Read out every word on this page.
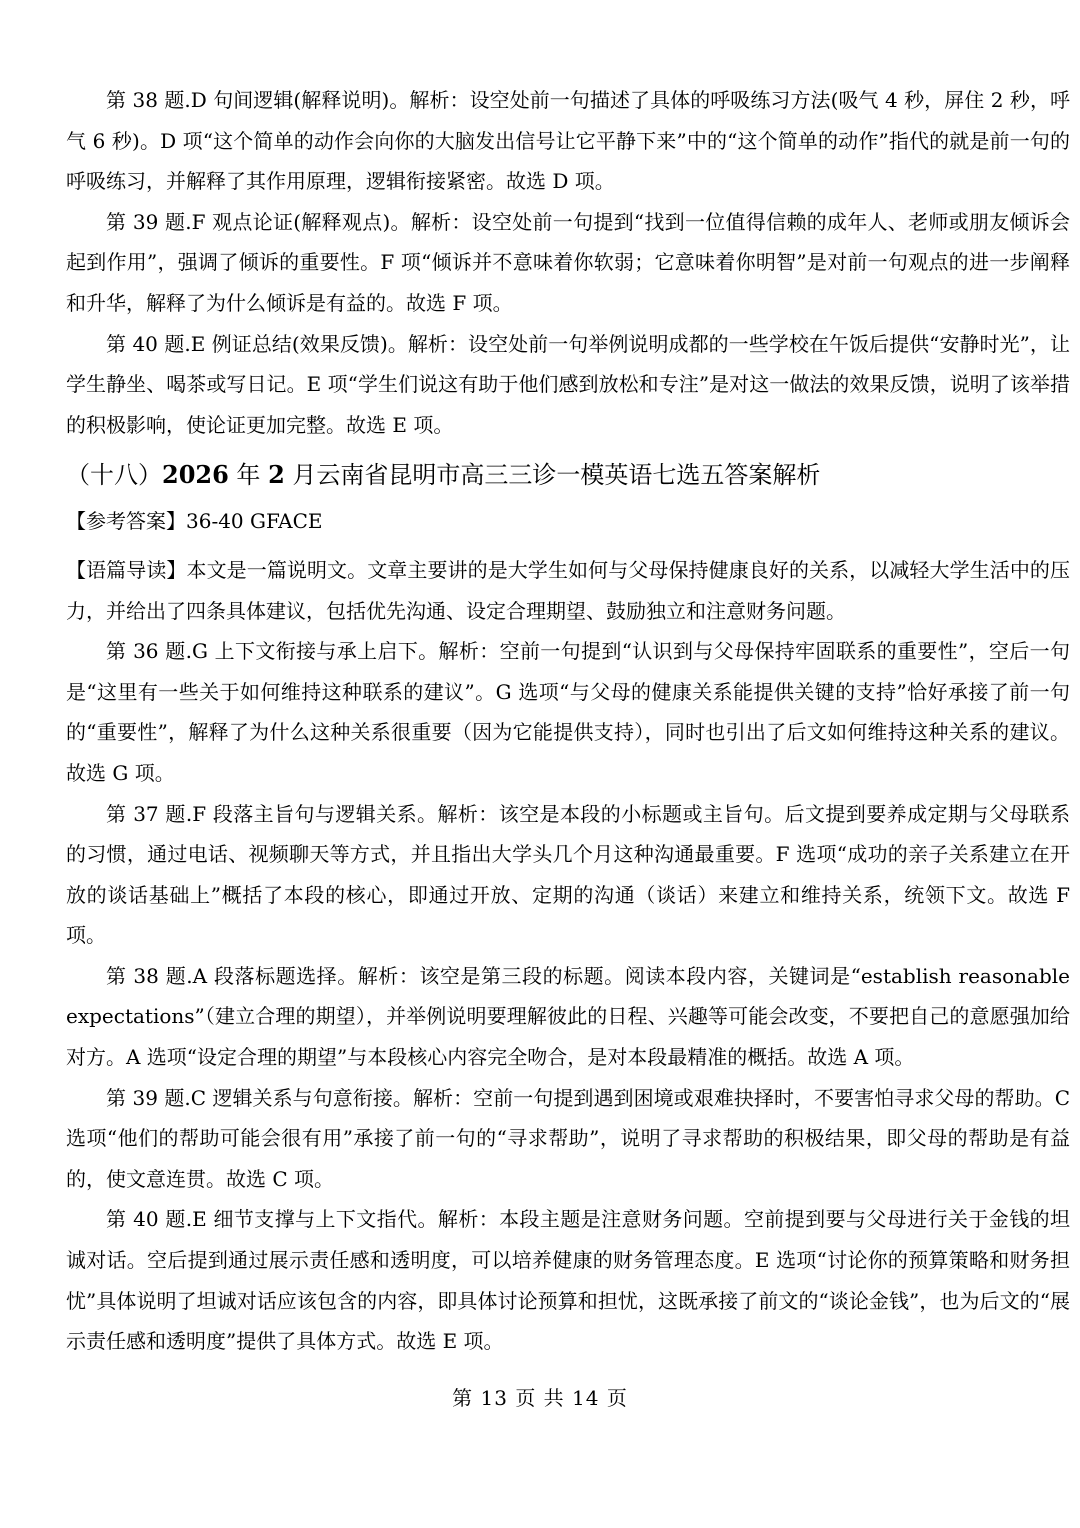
第 38 题.D 句间逻辑(解释说明)。解析：设空处前一句描述了具体的呼吸练习方法(吸气 4 秒，屏住 2 秒，呼气 6 秒)。D 项“这个简单的动作会向你的大脑发出信号让它平静下来”中的“这个简单的动作”指代的就是前一句的呼吸练习，并解释了其作用原理，逻辑衔接紧密。故选 D 项。

第 39 题.F 观点论证(解释观点)。解析：设空处前一句提到“找到一位值得信赖的成年人、老师或朋友倾诉会起到作用”，强调了倾诉的重要性。F 项“倾诉并不意味着你软弱；它意味着你明智”是对前一句观点的进一步阐释和升华，解释了为什么倾诉是有益的。故选 F 项。

第 40 题.E 例证总结(效果反馈)。解析：设空处前一句举例说明成都的一些学校在午饭后提供“安静时光”，让学生静坐、喝茶或写日记。E 项“学生们说这有助于他们感到放松和专注”是对这一做法的效果反馈，说明了该举措的积极影响，使论证更加完整。故选 E 项。

（十八）2026 年 2 月云南省昆明市高三三诊一模英语七选五答案解析

【参考答案】36-40 GFACE

【语篇导读】本文是一篇说明文。文章主要讲的是大学生如何与父母保持健康良好的关系，以减轻大学生活中的压力，并给出了四条具体建议，包括优先沟通、设定合理期望、鼓励独立和注意财务问题。

第 36 题.G 上下文衔接与承上启下。解析：空前一句提到“认识到与父母保持牢固联系的重要性”，空后一句是“这里有一些关于如何维持这种联系的建议”。G 选项“与父母的健康关系能提供关键的支持”恰好承接了前一句的“重要性”，解释了为什么这种关系很重要（因为它能提供支持），同时也引出了后文如何维持这种关系的建议。故选 G 项。

第 37 题.F 段落主旨句与逻辑关系。解析：该空是本段的小标题或主旨句。后文提到要养成定期与父母联系的习惯，通过电话、视频聊天等方式，并且指出大学头几个月这种沟通最重要。F 选项“成功的亲子关系建立在开放的谈话基础上”概括了本段的核心，即通过开放、定期的沟通（谈话）来建立和维持关系，统领下文。故选 F 项。

第 38 题.A 段落标题选择。解析：该空是第三段的标题。阅读本段内容，关键词是“establish reasonable expectations”（建立合理的期望），并举例说明要理解彼此的日程、兴趣等可能会改变，不要把自己的意愿强加给对方。A 选项“设定合理的期望”与本段核心内容完全吻合，是对本段最精准的概括。故选 A 项。

第 39 题.C 逻辑关系与句意衔接。解析：空前一句提到遇到困境或艰难抉择时，不要害怕寻求父母的帮助。C 选项“他们的帮助可能会很有用”承接了前一句的“寻求帮助”，说明了寻求帮助的积极结果，即父母的帮助是有益的，使文意连贯。故选 C 项。

第 40 题.E 细节支撑与上下文指代。解析：本段主题是注意财务问题。空前提到要与父母进行关于金钱的坦诚对话。空后提到通过展示责任感和透明度，可以培养健康的财务管理态度。E 选项“讨论你的预算策略和财务担忧”具体说明了坦诚对话应该包含的内容，即具体讨论预算和担忧，这既承接了前文的“谈论金钱”，也为后文的“展示责任感和透明度”提供了具体方式。故选 E 项。

第 13 页 共 14 页
